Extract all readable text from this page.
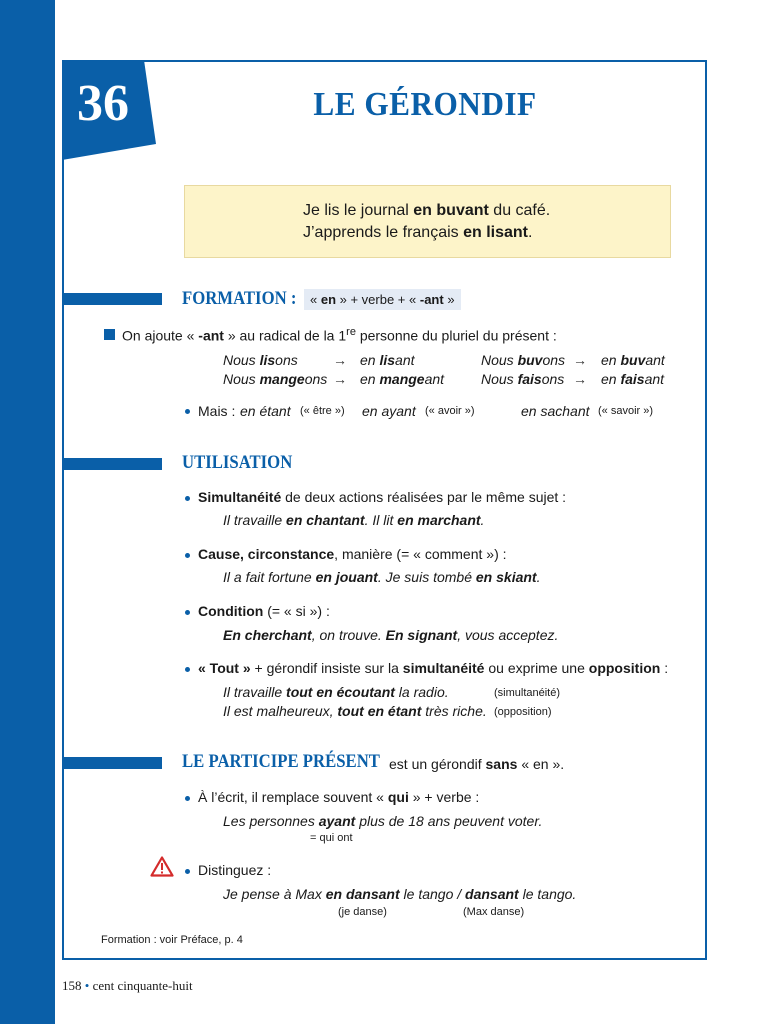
36	LE GÉRONDIF
Je lis le journal en buvant du café.
J’apprends le français en lisant.
FORMATION :	« en » + verbe + « -ant »
On ajoute « -ant » au radical de la 1re personne du pluriel du présent :
Nous lisons	→ en lisant	Nous buvons → en buvant
Nous mangeons → en mangeant	Nous faisons → en faisant
Mais : en étant (« être ») en ayant (« avoir »)	en sachant (« savoir »)
UTILISATION
Simultanéité de deux actions réalisées par le même sujet :
Il travaille en chantant. Il lit en marchant.
Cause, circonstance, manière (= « comment ») :
Il a fait fortune en jouant. Je suis tombé en skiant.
Condition (= « si ») :
En cherchant, on trouve. En signant, vous acceptez.
« Tout » + gérondif insiste sur la simultanéité ou exprime une opposition :
Il travaille tout en écoutant la radio.	(simultanéité)
Il est malheureux, tout en étant très riche. (opposition)
LE PARTICIPE PRÉSENT est un gérondif sans « en ».
À l’écrit, il remplace souvent « qui » + verbe :
Les personnes ayant plus de 18 ans peuvent voter.
= qui ont
Distinguez :
Je pense à Max en dansant le tango / dansant le tango.
(je danse)	(Max danse)
Formation : voir Préface, p. 4
158 • cent cinquante-huit
